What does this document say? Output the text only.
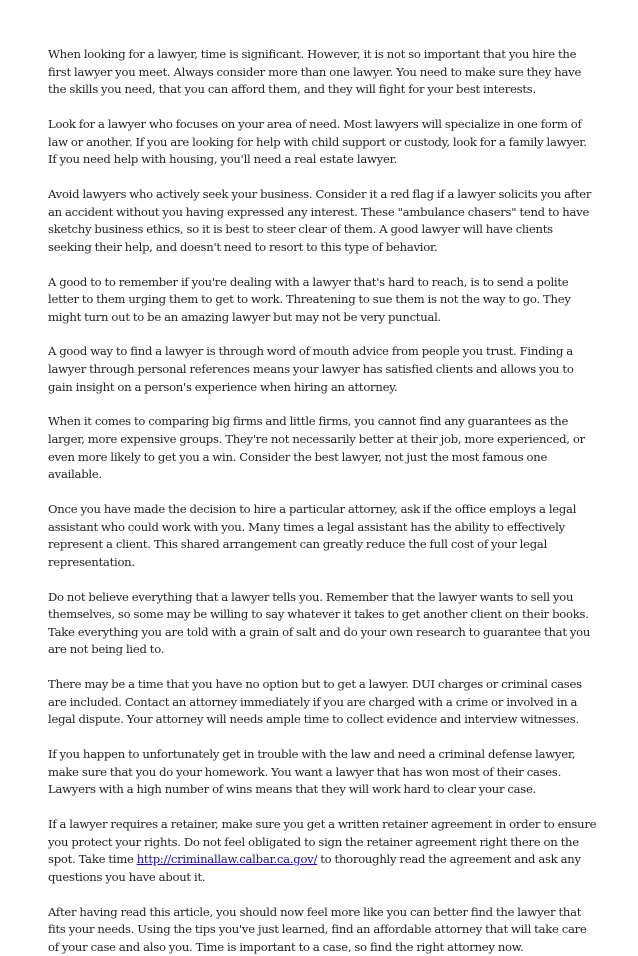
When looking for a lawyer, time is significant. However, it is not so important that you hire the first lawyer you meet. Always consider more than one lawyer. You need to make sure they have the skills you need, that you can afford them, and they will fight for your best interests.

Look for a lawyer who focuses on your area of need. Most lawyers will specialize in one form of law or another. If you are looking for help with child support or custody, look for a family lawyer. If you need help with housing, you'll need a real estate lawyer.

Avoid lawyers who actively seek your business. Consider it a red flag if a lawyer solicits you after an accident without you having expressed any interest. These "ambulance chasers" tend to have sketchy business ethics, so it is best to steer clear of them. A good lawyer will have clients seeking their help, and doesn't need to resort to this type of behavior.

A good to to remember if you're dealing with a lawyer that's hard to reach, is to send a polite letter to them urging them to get to work. Threatening to sue them is not the way to go. They might turn out to be an amazing lawyer but may not be very punctual.

A good way to find a lawyer is through word of mouth advice from people you trust. Finding a lawyer through personal references means your lawyer has satisfied clients and allows you to gain insight on a person's experience when hiring an attorney.

When it comes to comparing big firms and little firms, you cannot find any guarantees as the larger, more expensive groups. They're not necessarily better at their job, more experienced, or even more likely to get you a win. Consider the best lawyer, not just the most famous one available.

Once you have made the decision to hire a particular attorney, ask if the office employs a legal assistant who could work with you. Many times a legal assistant has the ability to effectively represent a client. This shared arrangement can greatly reduce the full cost of your legal representation.

Do not believe everything that a lawyer tells you. Remember that the lawyer wants to sell you themselves, so some may be willing to say whatever it takes to get another client on their books. Take everything you are told with a grain of salt and do your own research to guarantee that you are not being lied to.

There may be a time that you have no option but to get a lawyer. DUI charges or criminal cases are included. Contact an attorney immediately if you are charged with a crime or involved in a legal dispute. Your attorney will needs ample time to collect evidence and interview witnesses.

If you happen to unfortunately get in trouble with the law and need a criminal defense lawyer, make sure that you do your homework. You want a lawyer that has won most of their cases. Lawyers with a high number of wins means that they will work hard to clear your case.

If a lawyer requires a retainer, make sure you get a written retainer agreement in order to ensure you protect your rights. Do not feel obligated to sign the retainer agreement right there on the spot. Take time http://criminallaw.calbar.ca.gov/ to thoroughly read the agreement and ask any questions you have about it.

After having read this article, you should now feel more like you can better find the lawyer that fits your needs. Using the tips you've just learned, find an affordable attorney that will take care of your case and also you. Time is important to a case, so find the right attorney now.
